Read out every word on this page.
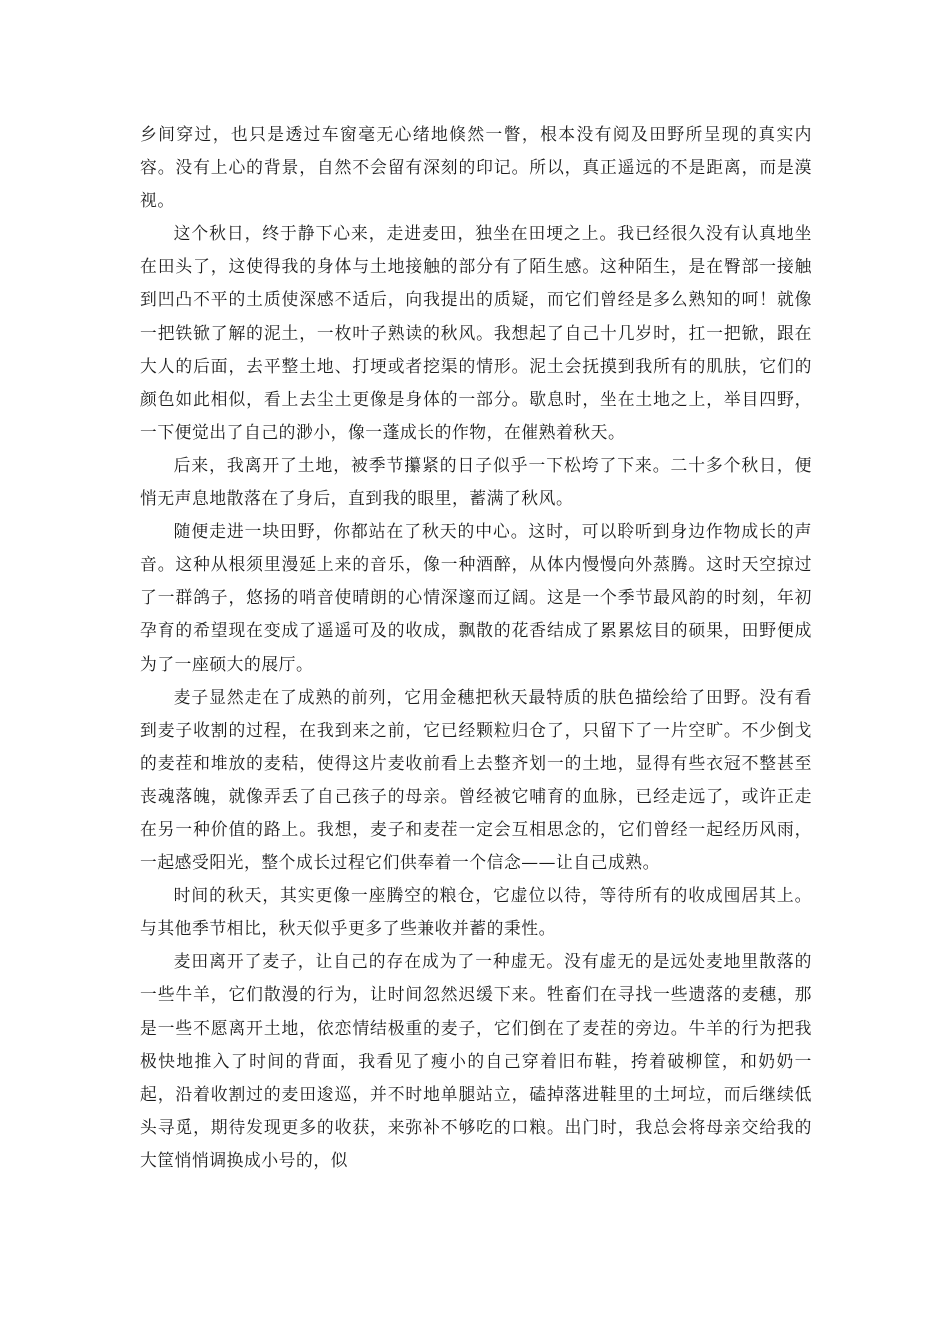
乡间穿过，也只是透过车窗毫无心绪地倏然一瞥，根本没有阅及田野所呈现的真实内容。没有上心的背景，自然不会留有深刻的印记。所以，真正遥远的不是距离，而是漠视。

这个秋日，终于静下心来，走进麦田，独坐在田埂之上。我已经很久没有认真地坐在田头了，这使得我的身体与土地接触的部分有了陌生感。这种陌生，是在臀部一接触到凹凸不平的土质使深感不适后，向我提出的质疑，而它们曾经是多么熟知的呵！就像一把铁锨了解的泥土，一枚叶子熟读的秋风。我想起了自己十几岁时，扛一把锨，跟在大人的后面，去平整土地、打埂或者挖渠的情形。泥土会抚摸到我所有的肌肤，它们的颜色如此相似，看上去尘土更像是身体的一部分。歇息时，坐在土地之上，举目四野，一下便觉出了自己的渺小，像一蓬成长的作物，在催熟着秋天。

后来，我离开了土地，被季节攥紧的日子似乎一下松垮了下来。二十多个秋日，便悄无声息地散落在了身后，直到我的眼里，蓄满了秋风。

随便走进一块田野，你都站在了秋天的中心。这时，可以聆听到身边作物成长的声音。这种从根须里漫延上来的音乐，像一种酒醉，从体内慢慢向外蒸腾。这时天空掠过了一群鸽子，悠扬的哨音使晴朗的心情深邃而辽阔。这是一个季节最风韵的时刻，年初孕育的希望现在变成了遥遥可及的收成，飘散的花香结成了累累炫目的硕果，田野便成为了一座硕大的展厅。

麦子显然走在了成熟的前列，它用金穗把秋天最特质的肤色描绘给了田野。没有看到麦子收割的过程，在我到来之前，它已经颗粒归仓了，只留下了一片空旷。不少倒戈的麦茬和堆放的麦秸，使得这片麦收前看上去整齐划一的土地，显得有些衣冠不整甚至丧魂落魄，就像弄丢了自己孩子的母亲。曾经被它哺育的血脉，已经走远了，或许正走在另一种价值的路上。我想，麦子和麦茬一定会互相思念的，它们曾经一起经历风雨，一起感受阳光，整个成长过程它们供奉着一个信念——让自己成熟。

时间的秋天，其实更像一座腾空的粮仓，它虚位以待，等待所有的收成囤居其上。与其他季节相比，秋天似乎更多了些兼收并蓄的秉性。

麦田离开了麦子，让自己的存在成为了一种虚无。没有虚无的是远处麦地里散落的一些牛羊，它们散漫的行为，让时间忽然迟缓下来。牲畜们在寻找一些遗落的麦穗，那是一些不愿离开土地，依恋情结极重的麦子，它们倒在了麦茬的旁边。牛羊的行为把我极快地推入了时间的背面，我看见了瘦小的自己穿着旧布鞋，挎着破柳筐，和奶奶一起，沿着收割过的麦田逡巡，并不时地单腿站立，磕掉落进鞋里的土坷垃，而后继续低头寻觅，期待发现更多的收获，来弥补不够吃的口粮。出门时，我总会将母亲交给我的大筐悄悄调换成小号的，似
